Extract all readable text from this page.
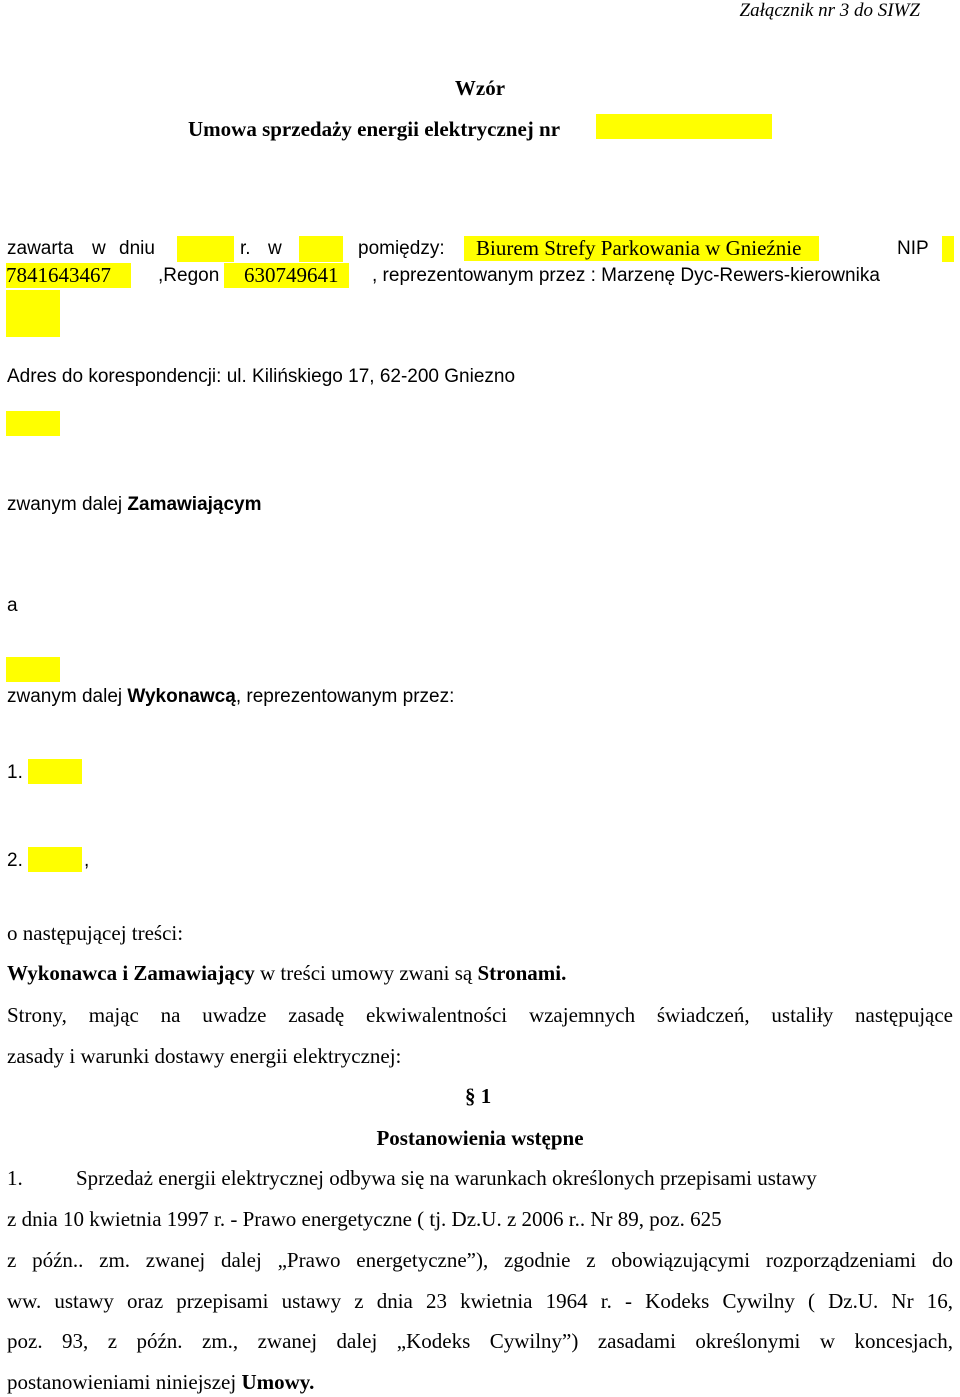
Załącznik nr 3 do SIWZ
Wzór
Umowa sprzedaży energii elektrycznej nr
zawarta w dniu	r. w	pomiędzy:	Biurem Strefy Parkowania w Gnieźnie	NIP
7841643467	,Regon	630749641	, reprezentowanym przez : Marzenę Dyc-Rewers-kierownika
Adres do korespondencji: ul. Kilińskiego 17, 62-200 Gniezno
zwanym dalej Zamawiającym
a
zwanym dalej Wykonawcą, reprezentowanym przez:
1.
2.	,
o następującej treści:
Wykonawca i Zamawiający w treści umowy zwani są Stronami.
Strony, mając na uwadze zasadę ekwiwalentności wzajemnych świadczeń, ustaliły następujące
zasady i warunki dostawy energii elektrycznej:
§ 1
Postanowienia wstępne
1.	Sprzedaż energii elektrycznej odbywa się na warunkach określonych przepisami ustawy
z dnia 10 kwietnia 1997 r. - Prawo energetyczne ( tj. Dz.U. z 2006 r.. Nr 89, poz. 625
z późn.. zm. zwanej dalej „Prawo energetyczne”), zgodnie z obowiązującymi rozporządzeniami do
ww. ustawy oraz przepisami ustawy z dnia 23 kwietnia 1964 r. - Kodeks Cywilny ( Dz.U. Nr 16,
poz. 93, z późn. zm., zwanej dalej „Kodeks Cywilny”) zasadami określonymi w koncesjach,
postanowieniami niniejszej Umowy.
